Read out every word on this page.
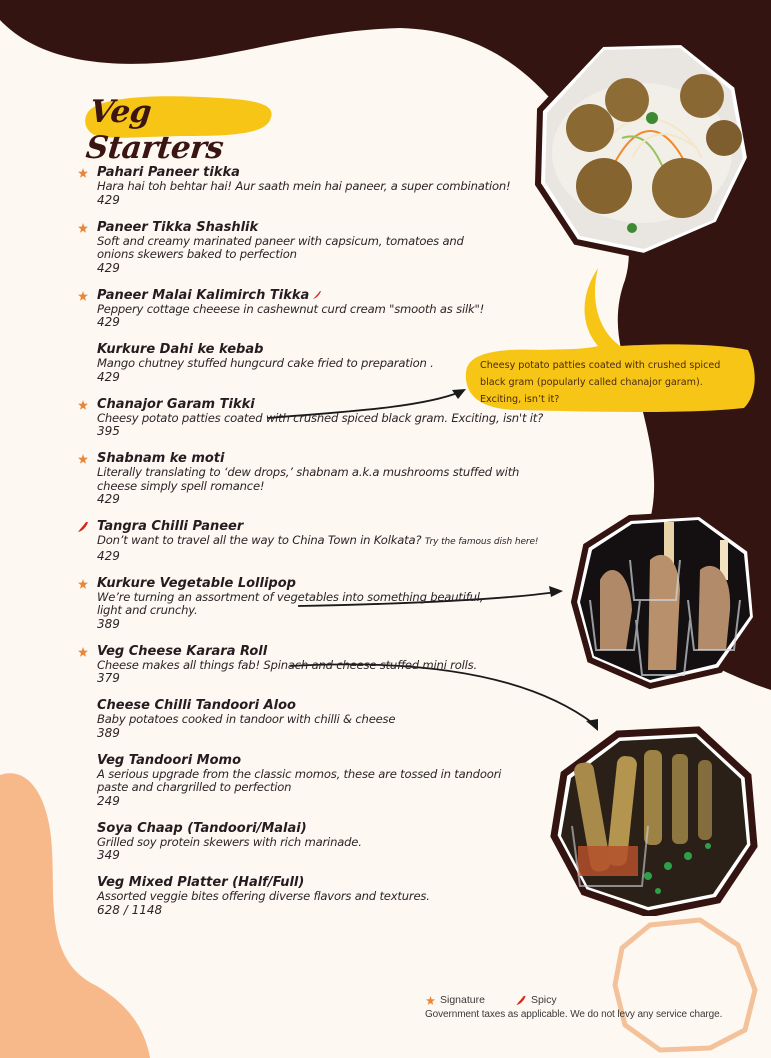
Veg Starters
Pahari Paneer tikka
Hara hai toh behtar hai! Aur saath mein hai paneer, a super combination!
429
Paneer Tikka Shashlik
Soft and creamy marinated paneer with capsicum, tomatoes and
onions skewers baked to perfection
429
Paneer Malai Kalimirch Tikka
Peppery cottage cheeese in cashewnut curd cream "smooth as silk"!
429
Kurkure Dahi ke kebab
Mango chutney stuffed hungcurd cake fried to preparation .
429
Chanajor Garam Tikki
Cheesy potato patties coated with crushed spiced black gram. Exciting, isn't it?
395
Shabnam ke moti
Literally translating to ‘dew drops,’ shabnam a.k.a mushrooms stuffed with
cheese simply spell romance!
429
Tangra Chilli Paneer
Don’t want to travel all the way to China Town in Kolkata? Try the famous dish here!
429
Kurkure Vegetable Lollipop
We’re turning an assortment of vegetables into something beautiful,
light and crunchy.
389
Veg Cheese Karara Roll
Cheese makes all things fab! Spinach and cheese stuffed mini rolls.
379
Cheese Chilli Tandoori Aloo
Baby potatoes cooked in tandoor with chilli & cheese
389
Veg Tandoori Momo
A serious upgrade from the classic momos, these are tossed in tandoori
paste and chargrilled to perfection
249
Soya Chaap (Tandoori/Malai)
Grilled soy protein skewers with rich marinade.
349
Veg Mixed Platter (Half/Full)
Assorted veggie bites offering diverse flavors and textures.
628 / 1148
Cheesy potato patties coated with crushed spiced
black gram (popularly called chanajor garam).
Exciting, isn’t it?
Signature	Spicy
Government taxes as applicable. We do not levy any service charge.
